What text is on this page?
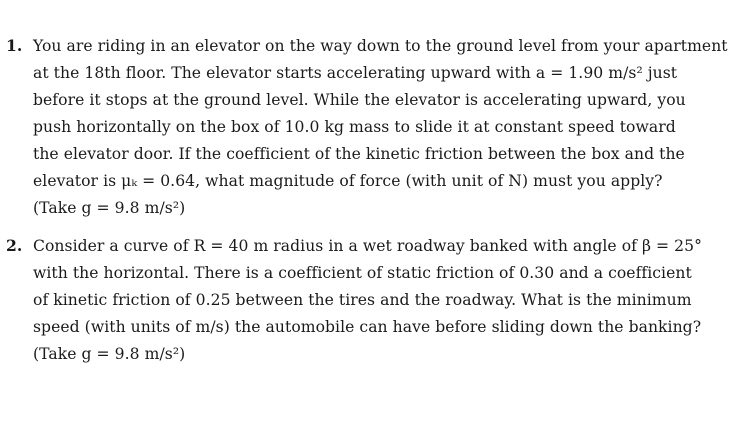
1. You are riding in an elevator on the way down to the ground level from your apartment
at the 18th floor. The elevator starts accelerating upward with a = 1.90 m/s² just
before it stops at the ground level. While the elevator is accelerating upward, you
push horizontally on the box of 10.0 kg mass to slide it at constant speed toward
the elevator door. If the coefficient of the kinetic friction between the box and the
elevator is μₖ = 0.64, what magnitude of force (with unit of N) must you apply?
(Take g = 9.8 m/s²)
2. Consider a curve of R = 40 m radius in a wet roadway banked with angle of β = 25°
with the horizontal. There is a coefficient of static friction of 0.30 and a coefficient
of kinetic friction of 0.25 between the tires and the roadway. What is the minimum
speed (with units of m/s) the automobile can have before sliding down the banking?
(Take g = 9.8 m/s²)
